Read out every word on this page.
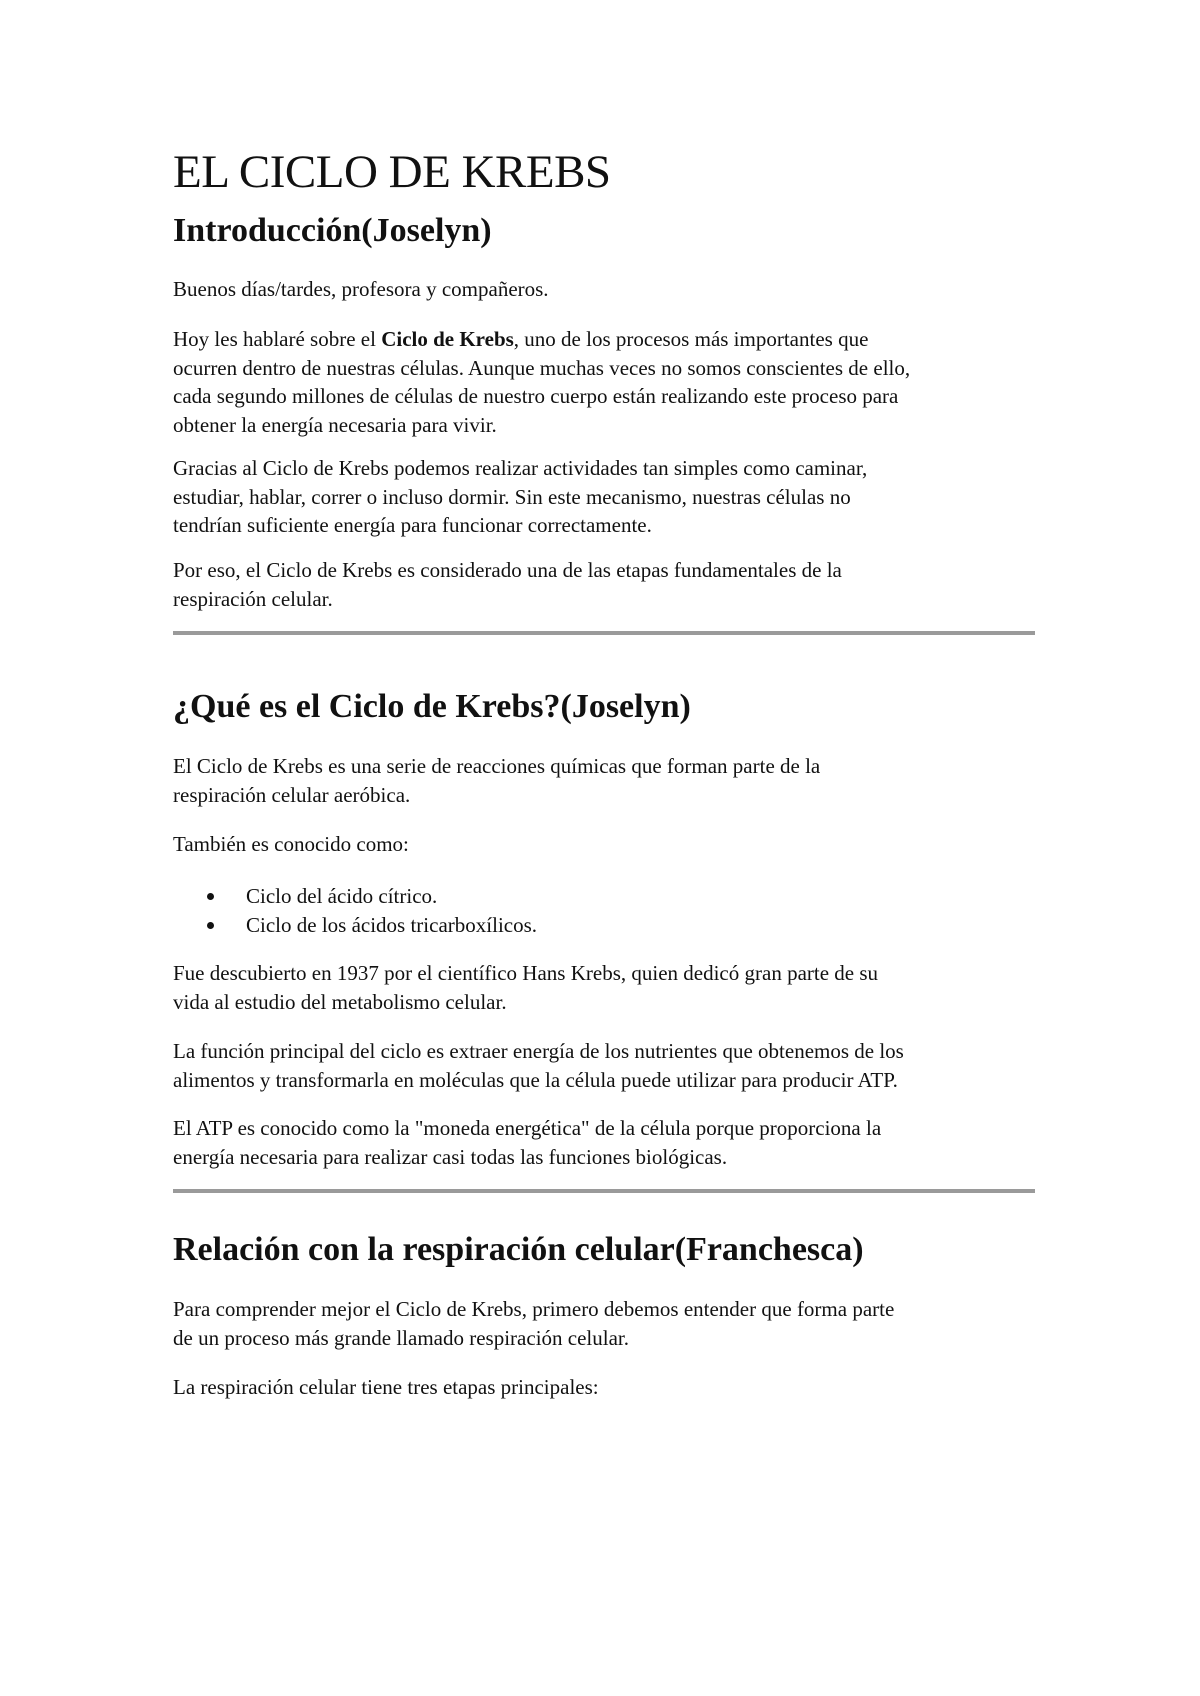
EL CICLO DE KREBS
Introducción(Joselyn)

Buenos días/tardes, profesora y compañeros.

Hoy les hablaré sobre el Ciclo de Krebs, uno de los procesos más importantes que
ocurren dentro de nuestras células. Aunque muchas veces no somos conscientes de ello,
cada segundo millones de células de nuestro cuerpo están realizando este proceso para
obtener la energía necesaria para vivir.

Gracias al Ciclo de Krebs podemos realizar actividades tan simples como caminar,
estudiar, hablar, correr o incluso dormir. Sin este mecanismo, nuestras células no
tendrían suficiente energía para funcionar correctamente.

Por eso, el Ciclo de Krebs es considerado una de las etapas fundamentales de la
respiración celular.

¿Qué es el Ciclo de Krebs?(Joselyn)

El Ciclo de Krebs es una serie de reacciones químicas que forman parte de la
respiración celular aeróbica.

También es conocido como:

Ciclo del ácido cítrico.
Ciclo de los ácidos tricarboxílicos.

Fue descubierto en 1937 por el científico Hans Krebs, quien dedicó gran parte de su
vida al estudio del metabolismo celular.

La función principal del ciclo es extraer energía de los nutrientes que obtenemos de los
alimentos y transformarla en moléculas que la célula puede utilizar para producir ATP.

El ATP es conocido como la "moneda energética" de la célula porque proporciona la
energía necesaria para realizar casi todas las funciones biológicas.

Relación con la respiración celular(Franchesca)

Para comprender mejor el Ciclo de Krebs, primero debemos entender que forma parte
de un proceso más grande llamado respiración celular.

La respiración celular tiene tres etapas principales:
